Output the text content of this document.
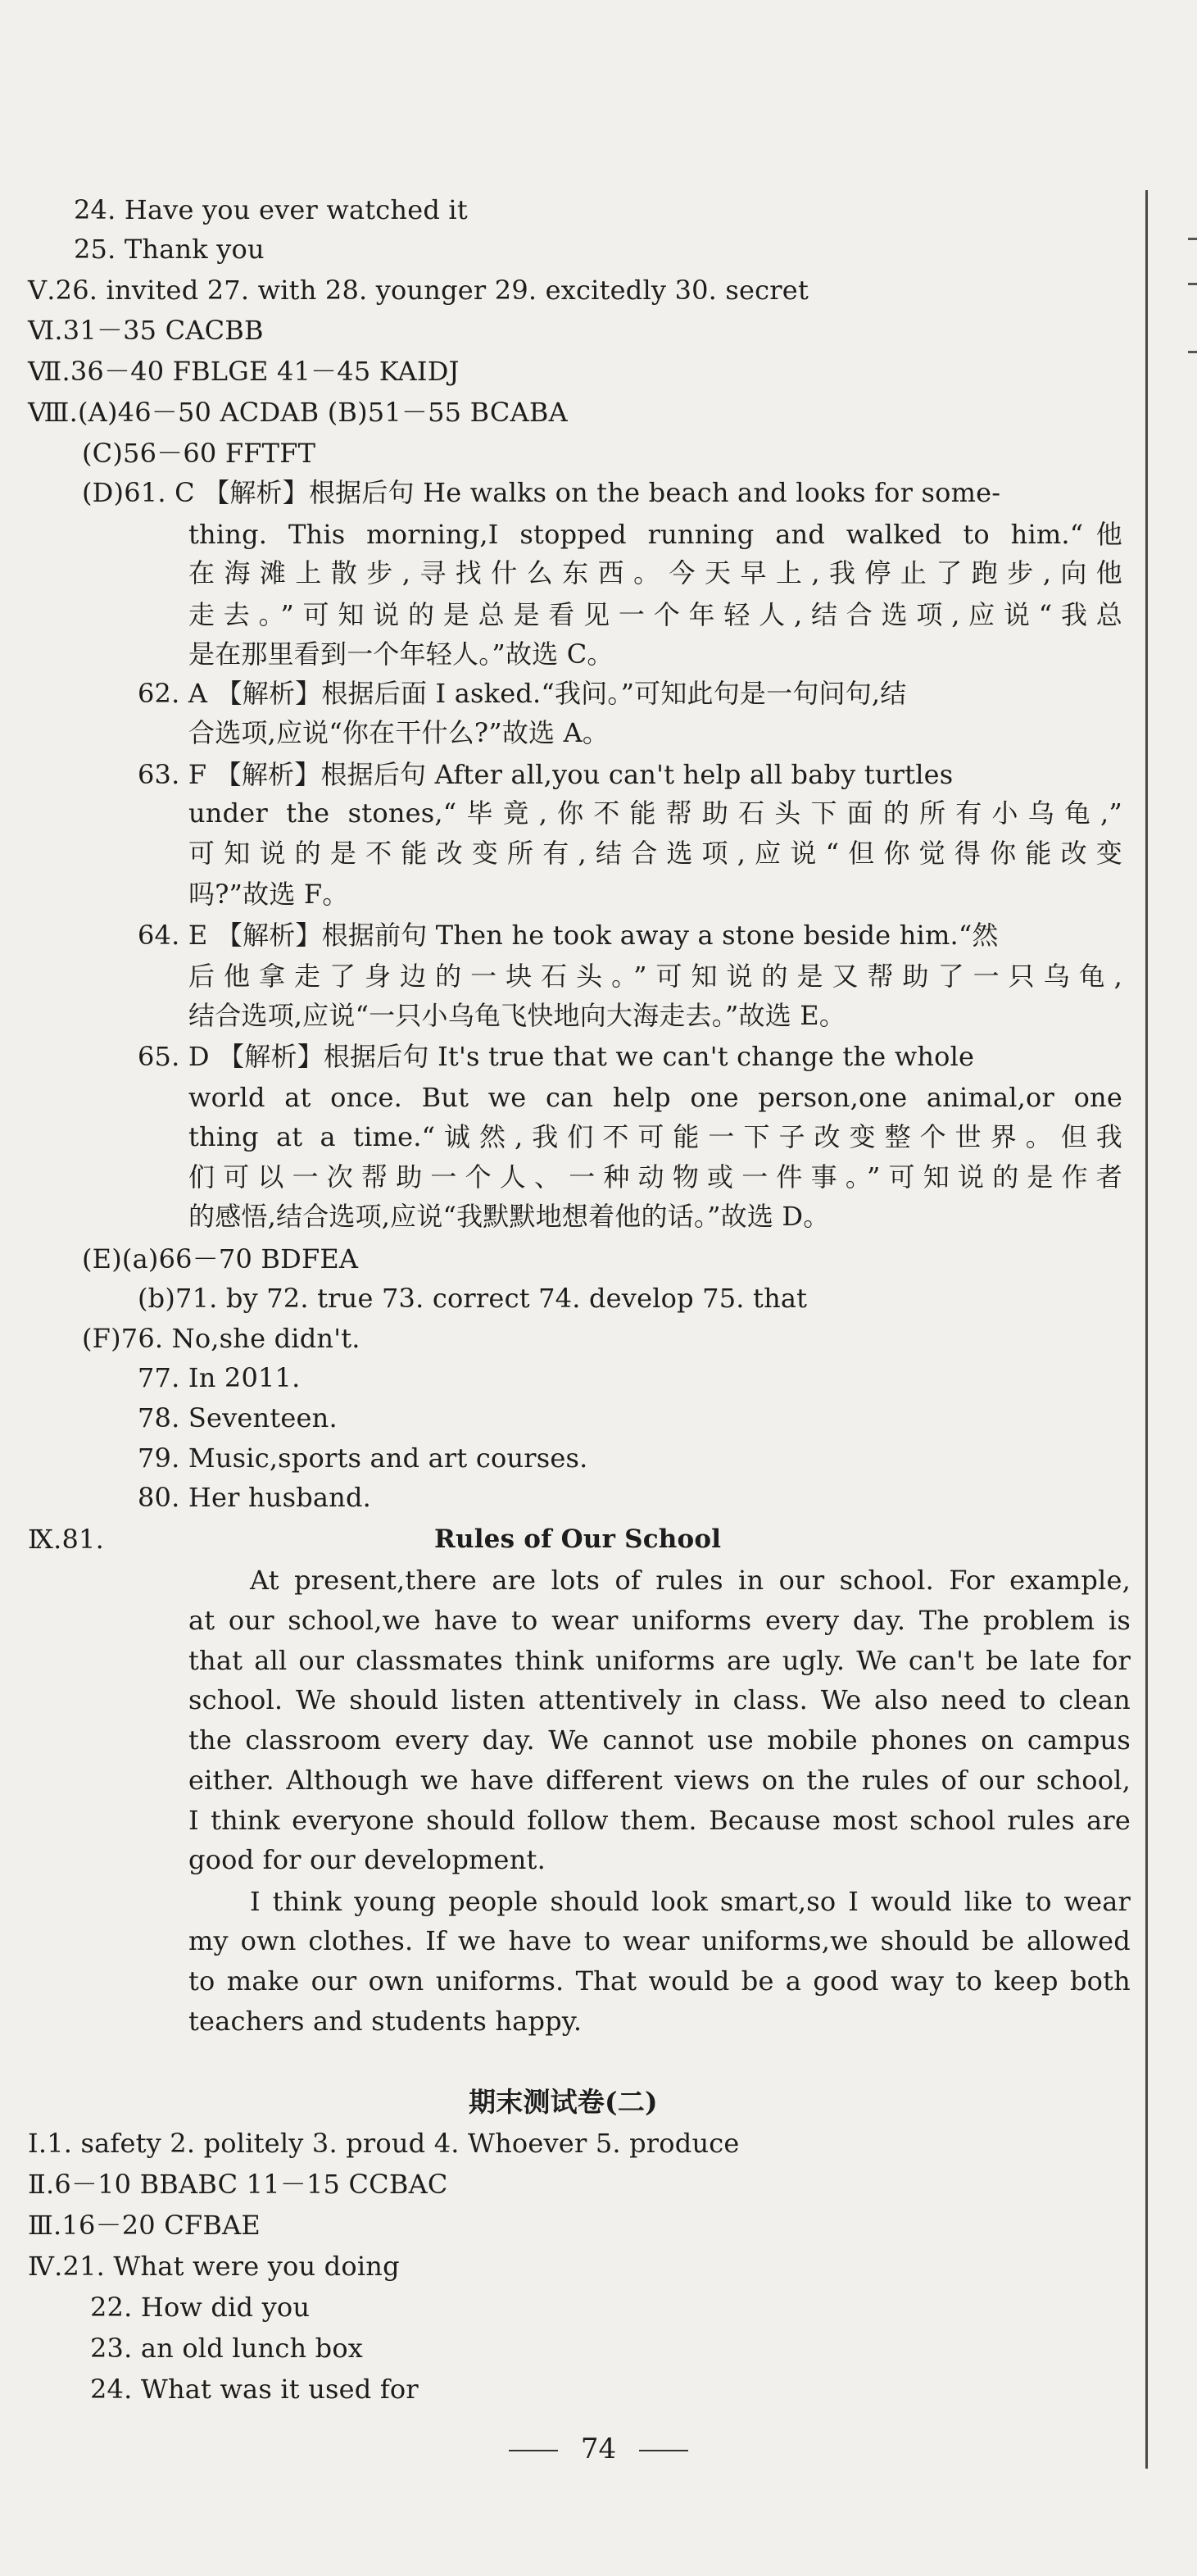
24. Have you ever watched it
25. Thank you
Ⅴ.26. invited 27. with 28. younger 29. excitedly 30. secret
Ⅵ.31－35 CACBB
Ⅶ.36－40 FBLGE 41－45 KAIDJ
Ⅷ.(A)46－50 ACDAB (B)51－55 BCABA
(C)56－60 FFTFT
(D)61. C 【解析】根据后句 He walks on the beach and looks for some-
thing. This morning,I stopped running and walked to him.“他
在海滩上散步,寻找什么东西。今天早上,我停止了跑步,向他
走去。”可知说的是总是看见一个年轻人,结合选项,应说“我总
是在那里看到一个年轻人。”故选 C。
62. A 【解析】根据后面 I asked.“我问。”可知此句是一句问句,结
合选项,应说“你在干什么?”故选 A。
63. F 【解析】根据后句 After all,you can't help all baby turtles
under the stones,“毕竟,你不能帮助石头下面的所有小乌龟,”
可知说的是不能改变所有,结合选项,应说“但你觉得你能改变
吗?”故选 F。
64. E 【解析】根据前句 Then he took away a stone beside him.“然
后他拿走了身边的一块石头。”可知说的是又帮助了一只乌龟,
结合选项,应说“一只小乌龟飞快地向大海走去。”故选 E。
65. D 【解析】根据后句 It's true that we can't change the whole
world at once. But we can help one person,one animal,or one
thing at a time.“诚然,我们不可能一下子改变整个世界。但我
们可以一次帮助一个人、一种动物或一件事。”可知说的是作者
的感悟,结合选项,应说“我默默地想着他的话。”故选 D。
(E)(a)66－70 BDFEA
(b)71. by 72. true 73. correct 74. develop 75. that
(F)76. No,she didn't.
77. In 2011.
78. Seventeen.
79. Music,sports and art courses.
80. Her husband.
Ⅸ.81.	Rules of Our School
At present,there are lots of rules in our school. For example,
at our school,we have to wear uniforms every day. The problem is
that all our classmates think uniforms are ugly. We can't be late for
school. We should listen attentively in class. We also need to clean
the classroom every day. We cannot use mobile phones on campus
either. Although we have different views on the rules of our school,
I think everyone should follow them. Because most school rules are
good for our development.
I think young people should look smart,so I would like to wear
my own clothes. If we have to wear uniforms,we should be allowed
to make our own uniforms. That would be a good way to keep both
teachers and students happy.
期末测试卷(二)
Ⅰ.1. safety 2. politely 3. proud 4. Whoever 5. produce
Ⅱ.6－10 BBABC 11－15 CCBAC
Ⅲ.16－20 CFBAE
Ⅳ.21. What were you doing
22. How did you
23. an old lunch box
24. What was it used for
74
